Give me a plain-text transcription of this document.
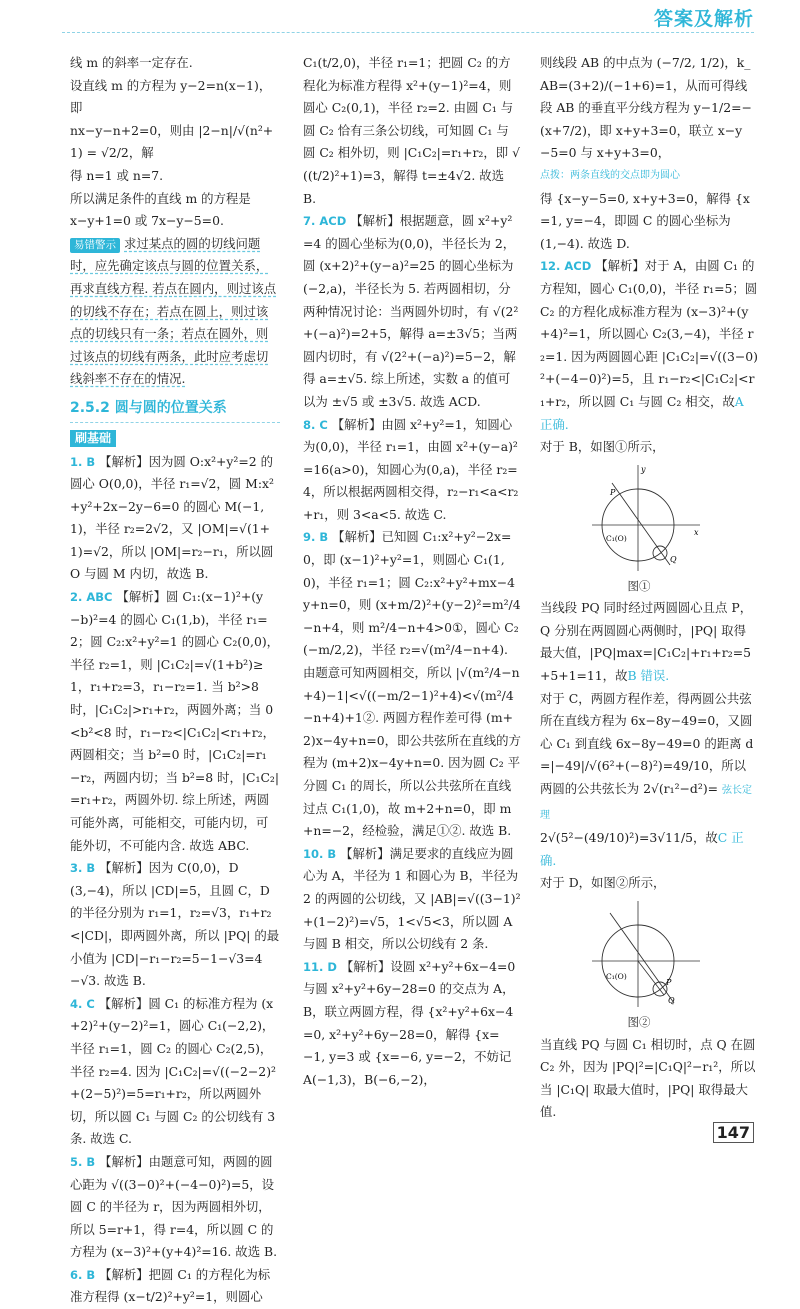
答案及解析

线 m 的斜率一定存在.

设直线 m 的方程为 y−2=n(x−1)，即

nx−y−n+2=0，则由 |2−n|/√(n²+1) = √2/2，解

得 n=1 或 n=7.

所以满足条件的直线 m 的方程是

x−y+1=0 或 7x−y−5=0.

易错警示 求过某点的圆的切线问题时，应先确定该点与圆的位置关系，再求直线方程. 若点在圆内，则过该点的切线不存在；若点在圆上，则过该点的切线只有一条；若点在圆外，则过该点的切线有两条，此时应考虑切线斜率不存在的情况.

2.5.2 圆与圆的位置关系
刷基础

1. B 【解析】因为圆 O:x²+y²=2 的圆心 O(0,0)，半径 r₁=√2，圆 M:x²+y²+2x−2y−6=0 的圆心 M(−1,1)，半径 r₂=2√2，又 |OM|=√(1+1)=√2，所以 |OM|=r₂−r₁，所以圆 O 与圆 M 内切，故选 B.

2. ABC 【解析】圆 C₁:(x−1)²+(y−b)²=4 的圆心 C₁(1,b)，半径 r₁=2；圆 C₂:x²+y²=1 的圆心 C₂(0,0)，半径 r₂=1，则 |C₁C₂|=√(1+b²)≥1，r₁+r₂=3，r₁−r₂=1. 当 b²>8 时，|C₁C₂|>r₁+r₂，两圆外离；当 0<b²<8 时，r₁−r₂<|C₁C₂|<r₁+r₂，两圆相交；当 b²=0 时，|C₁C₂|=r₁−r₂，两圆内切；当 b²=8 时，|C₁C₂|=r₁+r₂，两圆外切. 综上所述，两圆可能外离，可能相交，可能内切，可能外切，不可能内含. 故选 ABC.

3. B 【解析】因为 C(0,0)，D(3,−4)，所以 |CD|=5，且圆 C，D 的半径分别为 r₁=1，r₂=√3，r₁+r₂<|CD|，即两圆外离，所以 |PQ| 的最小值为 |CD|−r₁−r₂=5−1−√3=4−√3. 故选 B.

4. C 【解析】圆 C₁ 的标准方程为 (x+2)²+(y−2)²=1，圆心 C₁(−2,2)，半径 r₁=1，圆 C₂ 的圆心 C₂(2,5)，半径 r₂=4. 因为 |C₁C₂|=√((−2−2)²+(2−5)²)=5=r₁+r₂，所以两圆外切，所以圆 C₁ 与圆 C₂ 的公切线有 3 条. 故选 C.

5. B 【解析】由题意可知，两圆的圆心距为 √((3−0)²+(−4−0)²)=5，设圆 C 的半径为 r，因为两圆相外切，所以 5=r+1，得 r=4，所以圆 C 的方程为 (x−3)²+(y+4)²=16. 故选 B.

6. B 【解析】把圆 C₁ 的方程化为标准方程得 (x−t/2)²+y²=1，则圆心

C₁(t/2,0)，半径 r₁=1；把圆 C₂ 的方程化为标准方程得 x²+(y−1)²=4，则圆心 C₂(0,1)，半径 r₂=2. 由圆 C₁ 与圆 C₂ 恰有三条公切线，可知圆 C₁ 与圆 C₂ 相外切，则 |C₁C₂|=r₁+r₂，即 √((t/2)²+1)=3，解得 t=±4√2. 故选 B.

7. ACD 【解析】根据题意，圆 x²+y²=4 的圆心坐标为(0,0)，半径长为 2，圆 (x+2)²+(y−a)²=25 的圆心坐标为(−2,a)，半径长为 5. 若两圆相切，分两种情况讨论：当两圆外切时，有 √(2²+(−a)²)=2+5，解得 a=±3√5；当两圆内切时，有 √(2²+(−a)²)=5−2，解得 a=±√5. 综上所述，实数 a 的值可以为 ±√5 或 ±3√5. 故选 ACD.

8. C 【解析】由圆 x²+y²=1，知圆心为(0,0)，半径 r₁=1，由圆 x²+(y−a)²=16(a>0)，知圆心为(0,a)，半径 r₂=4，所以根据两圆相交得，r₂−r₁<a<r₂+r₁，则 3<a<5. 故选 C.

9. B 【解析】已知圆 C₁:x²+y²−2x=0，即 (x−1)²+y²=1，则圆心 C₁(1,0)，半径 r₁=1；圆 C₂:x²+y²+mx−4y+n=0，则 (x+m/2)²+(y−2)²=m²/4−n+4，则 m²/4−n+4>0①，圆心 C₂(−m/2,2)，半径 r₂=√(m²/4−n+4). 由题意可知两圆相交，所以 |√(m²/4−n+4)−1|<√((−m/2−1)²+4)<√(m²/4−n+4)+1②. 两圆方程作差可得 (m+2)x−4y+n=0，即公共弦所在直线的方程为 (m+2)x−4y+n=0. 因为圆 C₂ 平分圆 C₁ 的周长，所以公共弦所在直线过点 C₁(1,0)，故 m+2+n=0，即 m+n=−2，经检验，满足①②. 故选 B.

10. B 【解析】满足要求的直线应为圆心为 A，半径为 1 和圆心为 B，半径为 2 的两圆的公切线，又 |AB|=√((3−1)²+(1−2)²)=√5，1<√5<3，所以圆 A 与圆 B 相交，所以公切线有 2 条.

11. D 【解析】设圆 x²+y²+6x−4=0 与圆 x²+y²+6y−28=0 的交点为 A，B，联立两圆方程，得 {x²+y²+6x−4=0, x²+y²+6y−28=0，解得 {x=−1, y=3 或 {x=−6, y=−2，不妨记 A(−1,3)，B(−6,−2)，

则线段 AB 的中点为 (−7/2, 1/2)，k_AB=(3+2)/(−1+6)=1，从而可得线段 AB 的垂直平分线方程为 y−1/2=−(x+7/2)，即 x+y+3=0，联立 x−y−5=0 与 x+y+3=0，

点拨：两条直线的交点即为圆心

得 {x−y−5=0, x+y+3=0，解得 {x=1, y=−4，即圆 C 的圆心坐标为 (1,−4). 故选 D.

12. ACD 【解析】对于 A，由圆 C₁ 的方程知，圆心 C₁(0,0)，半径 r₁=5；圆 C₂ 的方程化成标准方程为 (x−3)²+(y+4)²=1，所以圆心 C₂(3,−4)，半径 r₂=1. 因为两圆圆心距 |C₁C₂|=√((3−0)²+(−4−0)²)=5，且 r₁−r₂<|C₁C₂|<r₁+r₂，所以圆 C₁ 与圆 C₂ 相交，故A 正确.

对于 B，如图①所示，

x
y
P
Q
C₁(O)
图①

当线段 PQ 同时经过两圆圆心且点 P，Q 分别在两圆圆心两侧时，|PQ| 取得最大值，|PQ|max=|C₁C₂|+r₁+r₂=5+5+1=11，故B 错误.

对于 C，两圆方程作差，得两圆公共弦所在直线方程为 6x−8y−49=0，又圆心 C₁ 到直线 6x−8y−49=0 的距离 d=|−49|/√(6²+(−8)²)=49/10，所以两圆的公共弦长为 2√(r₁²−d²)= 弦长定理

2√(5²−(49/10)²)=3√11/5，故C 正确.

对于 D，如图②所示，

C₁(O)
P
Q
图②

当直线 PQ 与圆 C₁ 相切时，点 Q 在圆 C₂ 外，因为 |PQ|²=|C₁Q|²−r₁²，所以当 |C₁Q| 取最大值时，|PQ| 取得最大值.

147
